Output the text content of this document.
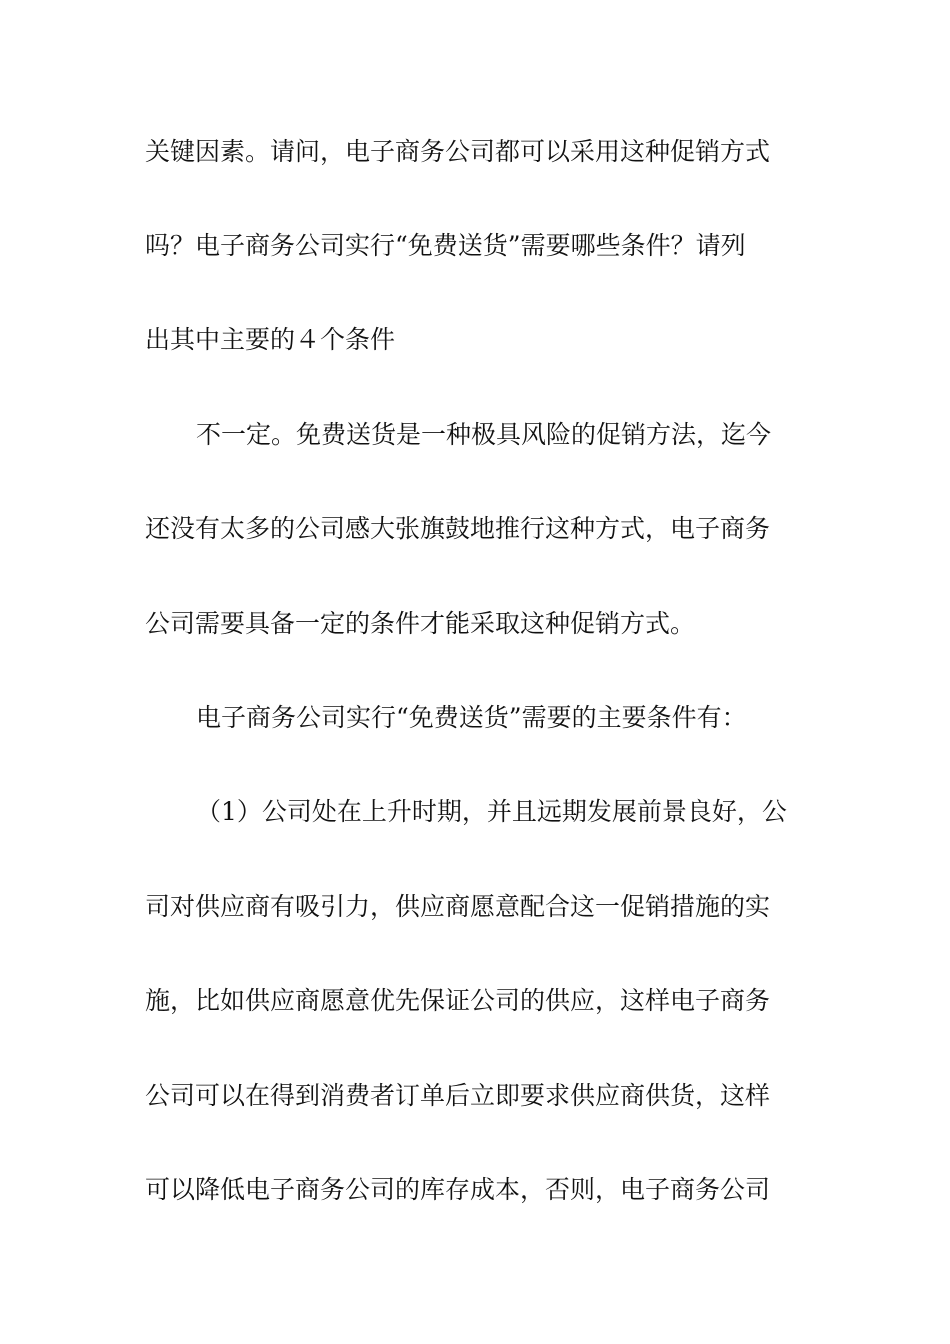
关键因素。请问，电子商务公司都可以采用这种促销方式
吗？电子商务公司实行“免费送货”需要哪些条件？请列
出其中主要的４个条件
不一定。免费送货是一种极具风险的促销方法，迄今
还没有太多的公司感大张旗鼓地推行这种方式，电子商务
公司需要具备一定的条件才能采取这种促销方式。
电子商务公司实行“免费送货”需要的主要条件有：
（1）公司处在上升时期，并且远期发展前景良好，公
司对供应商有吸引力，供应商愿意配合这一促销措施的实
施，比如供应商愿意优先保证公司的供应，这样电子商务
公司可以在得到消费者订单后立即要求供应商供货，这样
可以降低电子商务公司的库存成本，否则，电子商务公司
